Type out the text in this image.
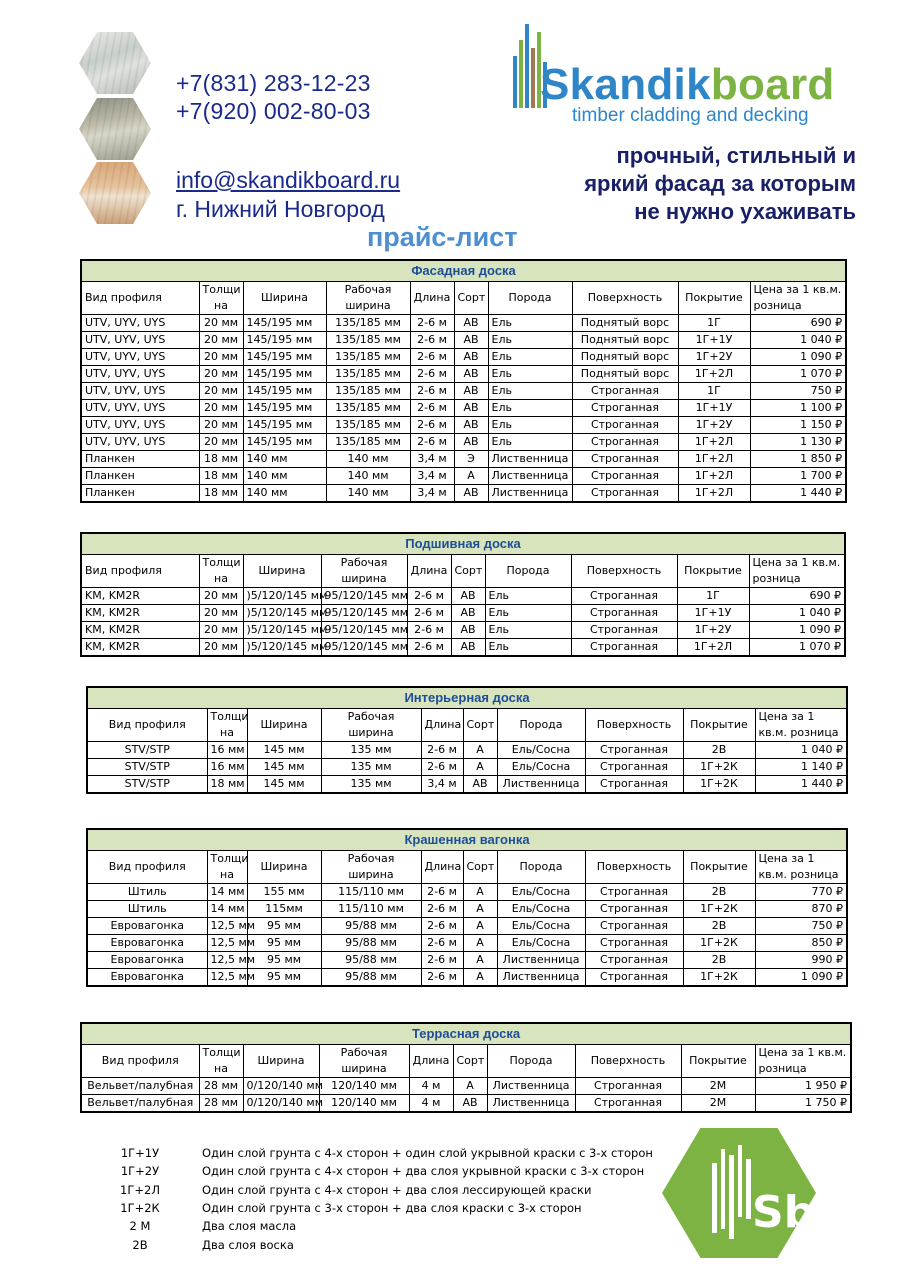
+7(831) 283-12-23
+7(920) 002-80-03
info@skandikboard.ru
г. Нижний Новгород
Skandikboard
timber cladding and decking
прочный, стильный и
яркий фасад за которым
не нужно ухаживать
прайс-лист
Фасадная доска									
Вид профиля	Толщи на	Ширина	Рабочая ширина	Длина	Сорт	Порода	Поверхность	Покрытие	Цена за 1 кв.м. розница
UTV, UYV, UYS	20 мм	145/195 мм	135/185 мм	2-6 м	АВ	Ель	Поднятый ворс	1Г	690 ₽
UTV, UYV, UYS	20 мм	145/195 мм	135/185 мм	2-6 м	АВ	Ель	Поднятый ворс	1Г+1У	1 040 ₽
UTV, UYV, UYS	20 мм	145/195 мм	135/185 мм	2-6 м	АВ	Ель	Поднятый ворс	1Г+2У	1 090 ₽
UTV, UYV, UYS	20 мм	145/195 мм	135/185 мм	2-6 м	АВ	Ель	Поднятый ворс	1Г+2Л	1 070 ₽
UTV, UYV, UYS	20 мм	145/195 мм	135/185 мм	2-6 м	АВ	Ель	Строганная	1Г	750 ₽
UTV, UYV, UYS	20 мм	145/195 мм	135/185 мм	2-6 м	АВ	Ель	Строганная	1Г+1У	1 100 ₽
UTV, UYV, UYS	20 мм	145/195 мм	135/185 мм	2-6 м	АВ	Ель	Строганная	1Г+2У	1 150 ₽
UTV, UYV, UYS	20 мм	145/195 мм	135/185 мм	2-6 м	АВ	Ель	Строганная	1Г+2Л	1 130 ₽
Планкен	18 мм	140 мм	140 мм	3,4 м	Э	Лиственница	Строганная	1Г+2Л	1 850 ₽
Планкен	18 мм	140 мм	140 мм	3,4 м	А	Лиственница	Строганная	1Г+2Л	1 700 ₽
Планкен	18 мм	140 мм	140 мм	3,4 м	АВ	Лиственница	Строганная	1Г+2Л	1 440 ₽
Подшивная доска									
Вид профиля	Толщи на	Ширина	Рабочая ширина	Длина	Сорт	Порода	Поверхность	Покрытие	Цена за 1 кв.м. розница
KM, KM2R	20 мм	)5/120/145 мм	95/120/145 мм	2-6 м	АВ	Ель	Строганная	1Г	690 ₽
KM, KM2R	20 мм	)5/120/145 мм	95/120/145 мм	2-6 м	АВ	Ель	Строганная	1Г+1У	1 040 ₽
KM, KM2R	20 мм	)5/120/145 мм	95/120/145 мм	2-6 м	АВ	Ель	Строганная	1Г+2У	1 090 ₽
KM, KM2R	20 мм	)5/120/145 мм	95/120/145 мм	2-6 м	АВ	Ель	Строганная	1Г+2Л	1 070 ₽
Интерьерная доска									
Вид профиля	Толщи на	Ширина	Рабочая ширина	Длина	Сорт	Порода	Поверхность	Покрытие	Цена за 1 кв.м. розница
STV/STP	16 мм	145 мм	135 мм	2-6 м	А	Ель/Сосна	Строганная	2В	1 040 ₽
STV/STP	16 мм	145 мм	135 мм	2-6 м	А	Ель/Сосна	Строганная	1Г+2К	1 140 ₽
STV/STP	18 мм	145 мм	135 мм	3,4 м	АВ	Лиственница	Строганная	1Г+2К	1 440 ₽
Крашенная вагонка									
Вид профиля	Толщи на	Ширина	Рабочая ширина	Длина	Сорт	Порода	Поверхность	Покрытие	Цена за 1 кв.м. розница
Штиль	14 мм	155 мм	115/110 мм	2-6 м	А	Ель/Сосна	Строганная	2В	770 ₽
Штиль	14 мм	115мм	115/110 мм	2-6 м	А	Ель/Сосна	Строганная	1Г+2К	870 ₽
Евровагонка	12,5 мм	95 мм	95/88 мм	2-6 м	А	Ель/Сосна	Строганная	2В	750 ₽
Евровагонка	12,5 мм	95 мм	95/88 мм	2-6 м	А	Ель/Сосна	Строганная	1Г+2К	850 ₽
Евровагонка	12,5 мм	95 мм	95/88 мм	2-6 м	А	Лиственница	Строганная	2В	990 ₽
Евровагонка	12,5 мм	95 мм	95/88 мм	2-6 м	А	Лиственница	Строганная	1Г+2К	1 090 ₽
Террасная доска									
Вид профиля	Толщи на	Ширина	Рабочая ширина	Длина	Сорт	Порода	Поверхность	Покрытие	Цена за 1 кв.м. розница
Вельвет/палубная	28 мм	0/120/140 мм	120/140 мм	4 м	А	Лиственница	Строганная	2М	1 950 ₽
Вельвет/палубная	28 мм	0/120/140 мм	120/140 мм	4 м	АВ	Лиственница	Строганная	2М	1 750 ₽
1Г+1У	Один слой грунта с 4-х сторон + один слой укрывной краски с 3-х сторон
1Г+2У	Один слой грунта с 4-х сторон + два слоя укрывной краски с 3-х сторон
1Г+2Л	Один слой грунта с 4-х сторон + два слоя лессирующей краски
1Г+2К	Один слой грунта с 3-х сторон + два слоя краски с 3-х сторон
2 М	Два слоя масла
2В	Два слоя воска
Sb
